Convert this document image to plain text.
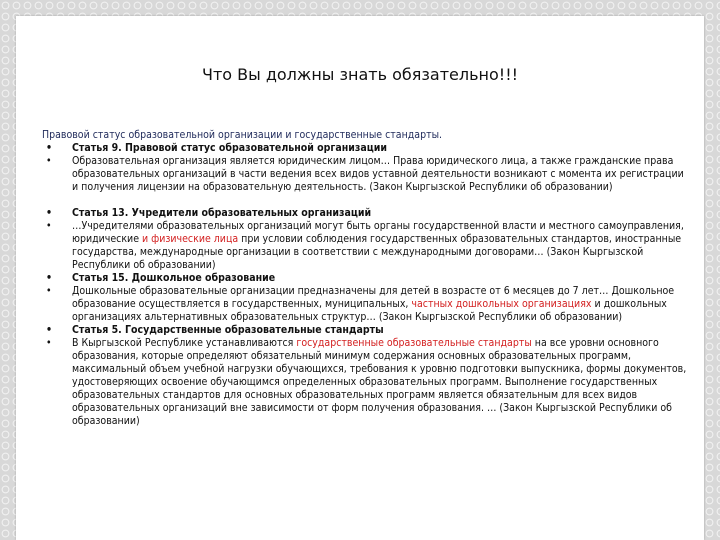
Что Вы должны знать обязательно!!!

Правовой статус образовательной организации и государственные стандарты.

• Статья 9. Правовой статус образовательной организации
• Образовательная организация является юридическим лицом… Права юридического лица, а также гражданские права образовательных организаций в части ведения всех видов уставной деятельности возникают с момента их регистрации и получения лицензии на образовательную деятельность. (Закон Кыргызской Республики об образовании)
• Статья 13. Учредители образовательных организаций
• …Учредителями образовательных организаций могут быть органы государственной власти и местного самоуправления, юридические и физические лица при условии соблюдения государственных образовательных стандартов, иностранные государства, международные организации в соответствии с международными договорами… (Закон Кыргызской Республики об образовании)
• Статья 15. Дошкольное образование
• Дошкольные образовательные организации предназначены для детей в возрасте от 6 месяцев до 7 лет… Дошкольное образование осуществляется в государственных, муниципальных, частных дошкольных организациях и дошкольных организациях альтернативных образовательных структур… (Закон Кыргызской Республики об образовании)
• Статья 5. Государственные образовательные стандарты
• В Кыргызской Республике устанавливаются государственные образовательные стандарты на все уровни основного образования, которые определяют обязательный минимум содержания основных образовательных программ, максимальный объем учебной нагрузки обучающихся, требования к уровню подготовки выпускника, формы документов, удостоверяющих освоение обучающимся определенных образовательных программ. Выполнение государственных образовательных стандартов для основных образовательных программ является обязательным для всех видов образовательных организаций вне зависимости от форм получения образования. … (Закон Кыргызской Республики об образовании)
